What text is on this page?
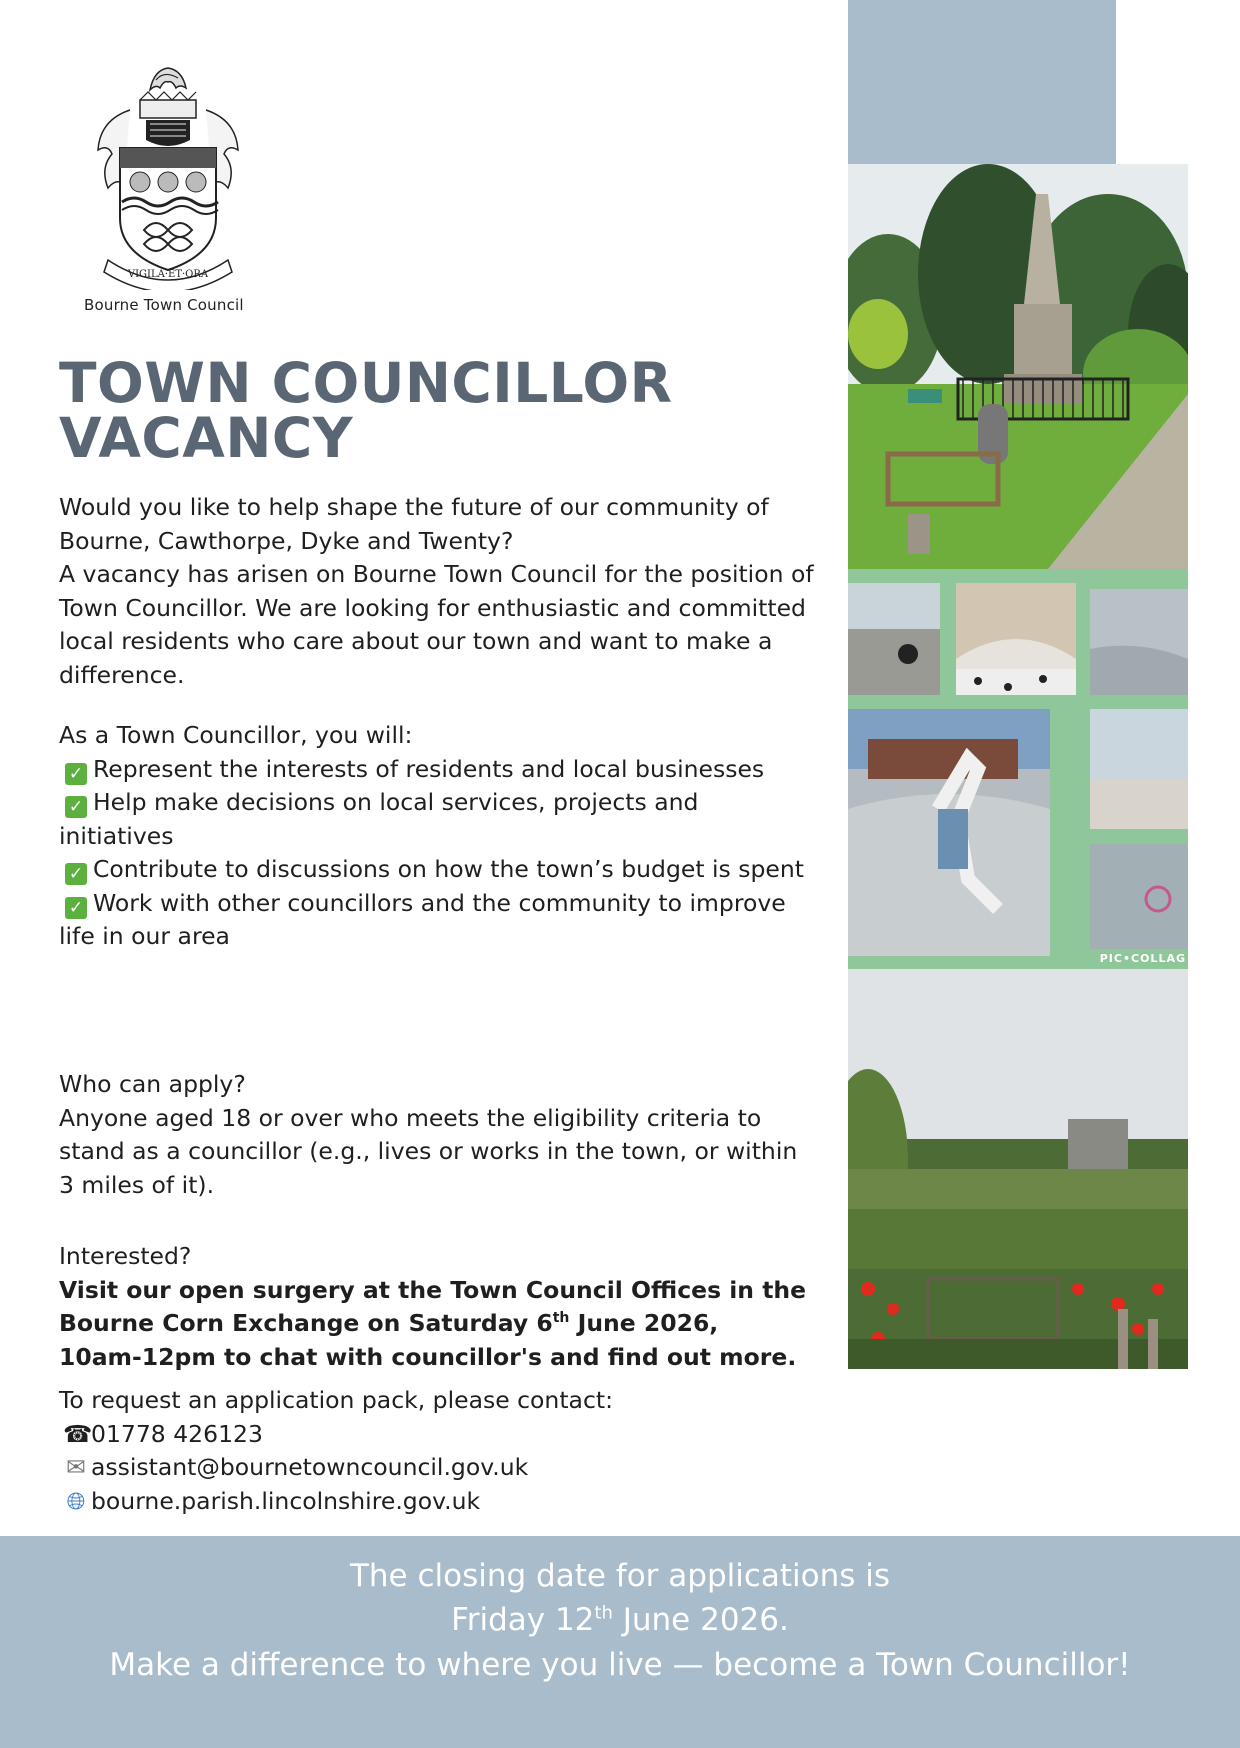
VIGILA·ET·ORA
Bourne Town Council
TOWN COUNCILLOR
VACANCY

Would you like to help shape the future of our community of Bourne, Cawthorpe, Dyke and Twenty?

A vacancy has arisen on Bourne Town Council for the position of Town Councillor. We are looking for enthusiastic and committed local residents who care about our town and want to make a difference.

As a Town Councillor, you will:

✓ Represent the interests of residents and local businesses

✓ Help make decisions on local services, projects and initiatives

✓ Contribute to discussions on how the town’s budget is spent

✓ Work with other councillors and the community to improve life in our area

Who can apply?

Anyone aged 18 or over who meets the eligibility criteria to stand as a councillor (e.g., lives or works in the town, or within 3 miles of it).

Interested?

Visit our open surgery at the Town Council Offices in the

Bourne Corn Exchange on Saturday 6th June 2026,

10am-12pm to chat with councillor's and find out more.

To request an application pack, please contact:

☎01778 426123

✉ assistant@bournetowncouncil.gov.uk

🌐︎ bourne.parish.lincolnshire.gov.uk

PIC•COLLAG
The closing date for applications is
Friday 12th June 2026.
Make a difference to where you live — become a Town Councillor!
